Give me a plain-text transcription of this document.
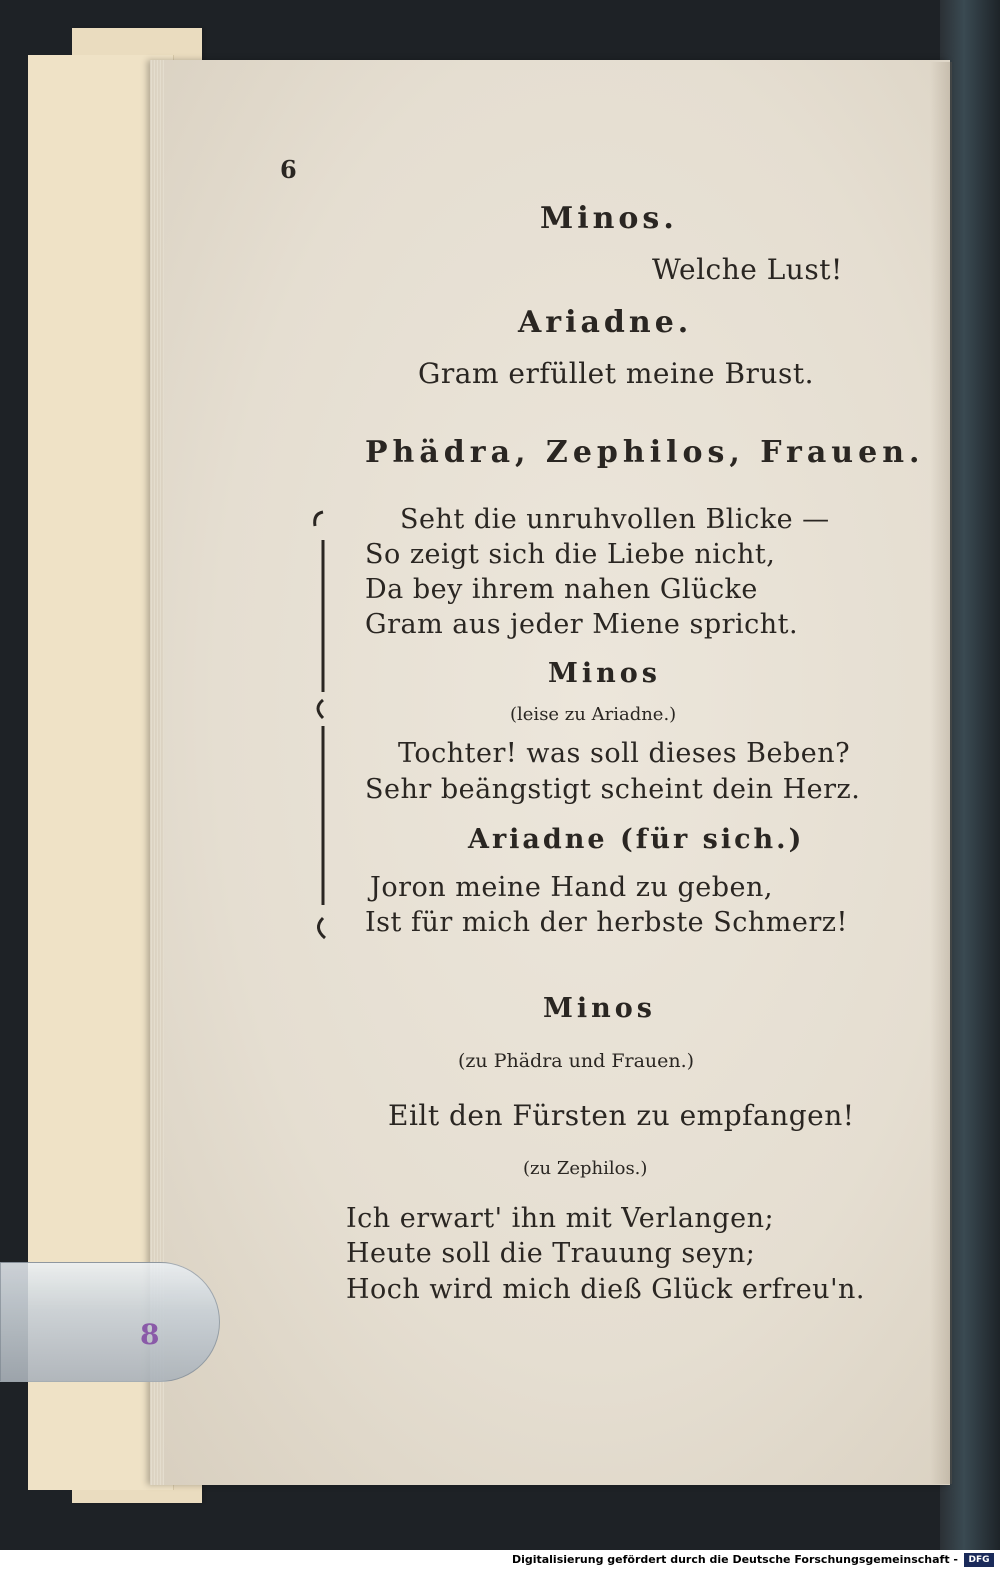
6
Minos.
Welche Lust!
Ariadne.
Gram erfüllet meine Brust.
Phädra, Zephilos, Frauen.
Seht die unruhvollen Blicke —
So zeigt sich die Liebe nicht,
Da bey ihrem nahen Glücke
Gram aus jeder Miene spricht.
Minos
(leise zu Ariadne.)
Tochter! was soll dieses Beben?
Sehr beängstigt scheint dein Herz.
Ariadne (für sich.)
Joron meine Hand zu geben,
Ist für mich der herbste Schmerz!
Minos
(zu Phädra und Frauen.)
Eilt den Fürsten zu empfangen!
(zu Zephilos.)
Ich erwart' ihn mit Verlangen;
Heute soll die Trauung seyn;
Hoch wird mich dieß Glück erfreu'n.
8
Digitalisierung gefördert durch die Deutsche Forschungsgemeinschaft -	DFG
